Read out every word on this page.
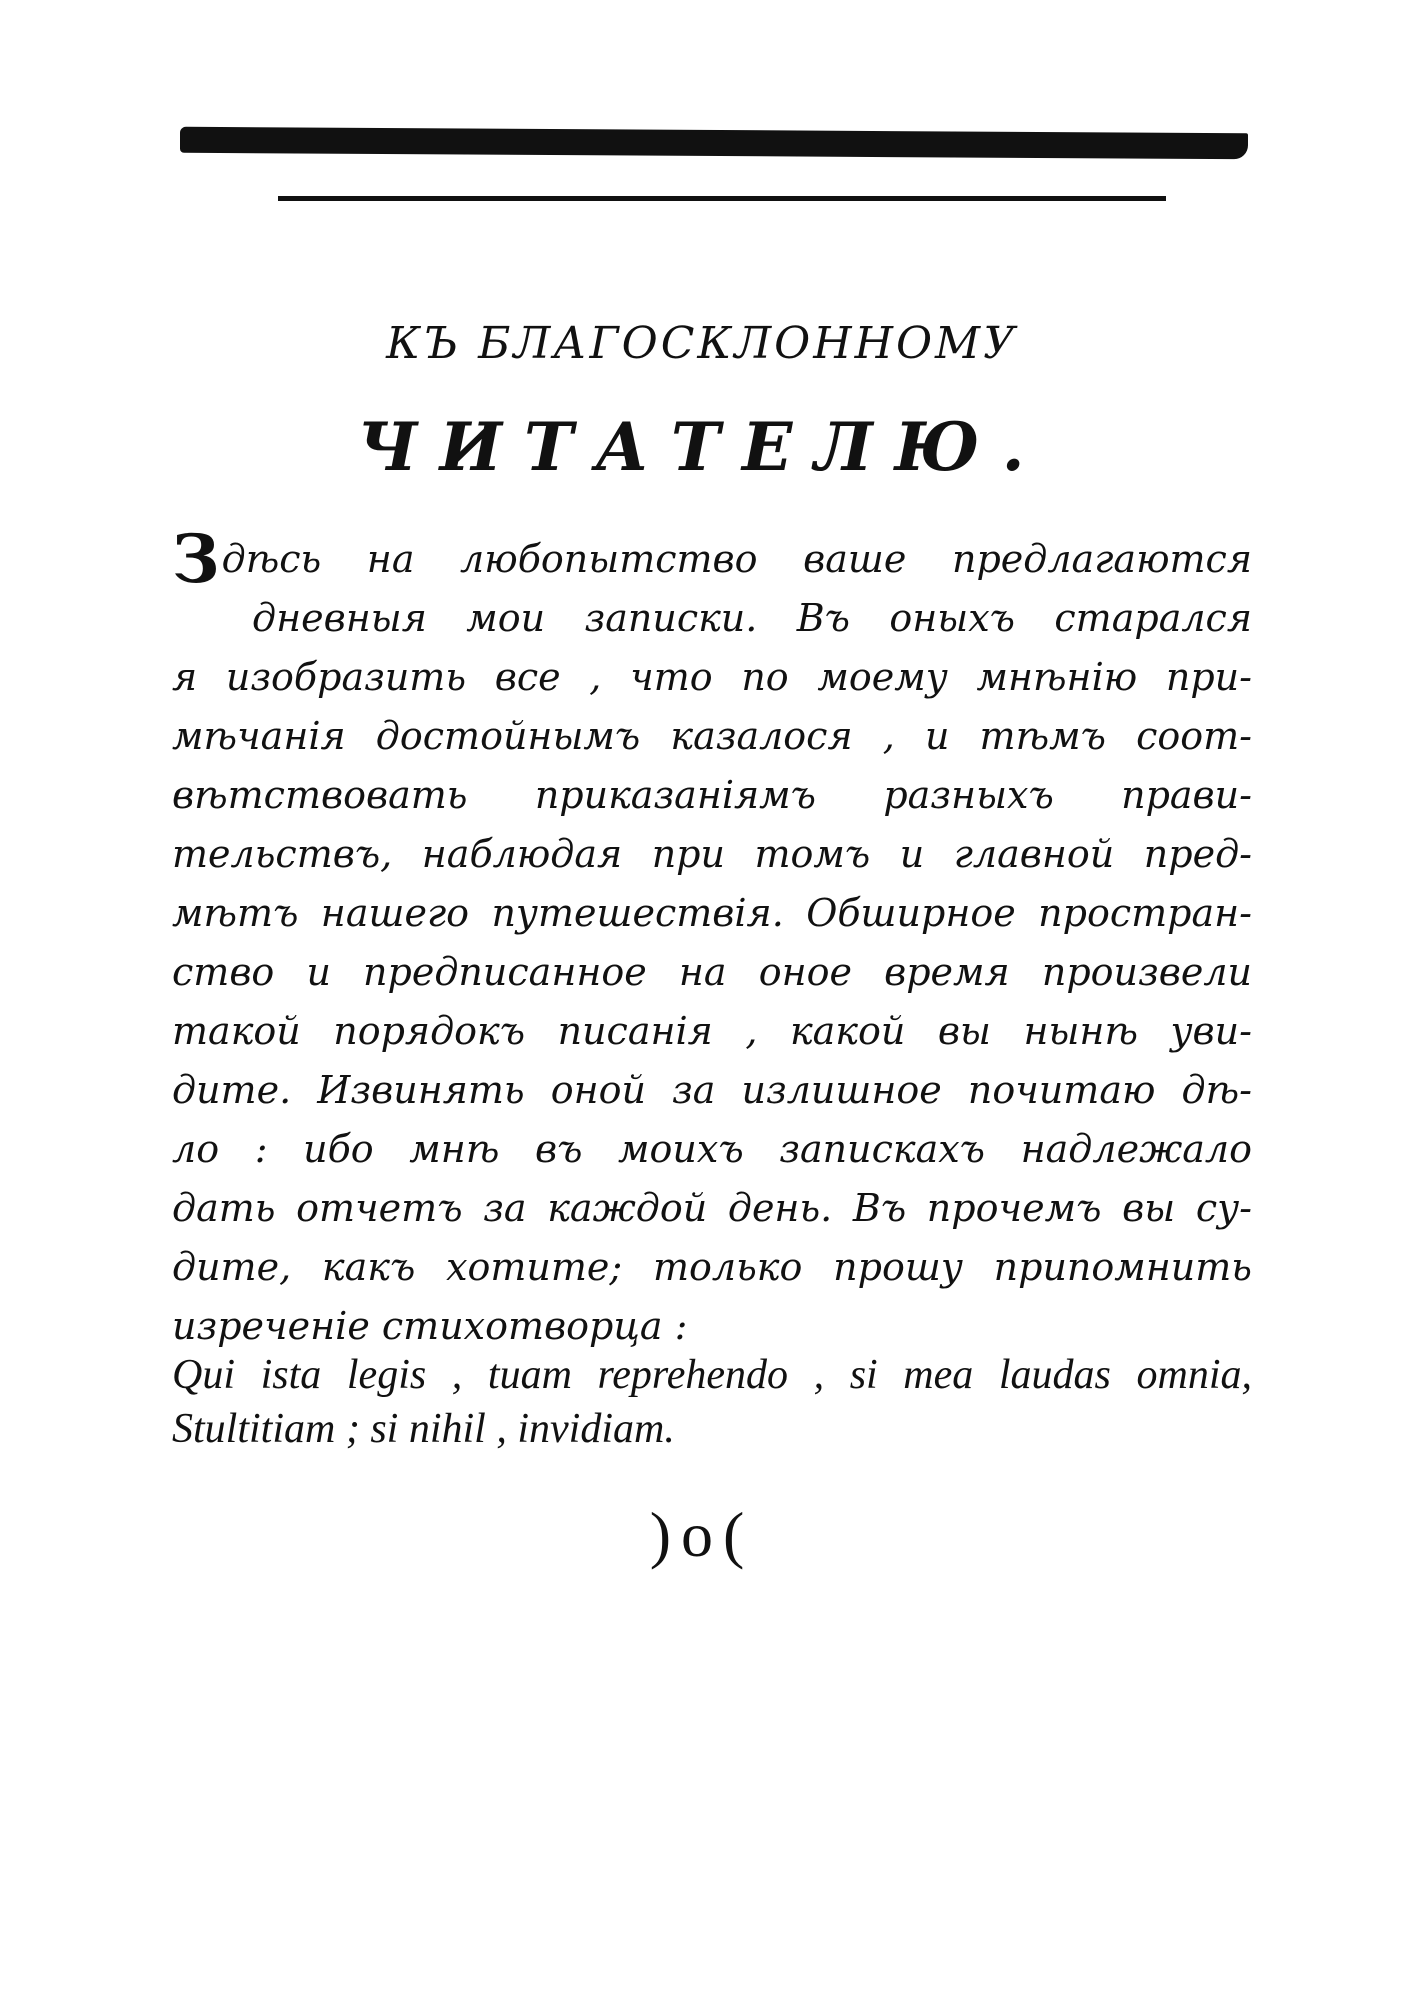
КЪ БЛАГОСКЛОННОМУ
ЧИТАТЕЛЮ.
Здѣсь на любопытство ваше предлагаются
дневныя мои записки. Въ оныхъ старался
я изобразить все , что по моему мнѣнію при-
мѣчанія достойнымъ казалося , и тѣмъ соот-
вѣтствовать приказаніямъ разныхъ прави-
тельствъ, наблюдая при томъ и главной пред-
мѣтъ нашего путешествія. Обширное простран-
ство и предписанное на оное время произвели
такой порядокъ писанія , какой вы нынѣ уви-
дите. Извинять оной за излишное почитаю дѣ-
ло : ибо мнѣ въ моихъ запискахъ надлежало
дать отчетъ за каждой день. Въ прочемъ вы су-
дите, какъ хотите; только прошу припомнить
изреченіе стихотворца :
Qui ista legis , tuam reprehendo , si mea laudas omnia,
Stultitiam ; si nihil , invidiam.
)o(
